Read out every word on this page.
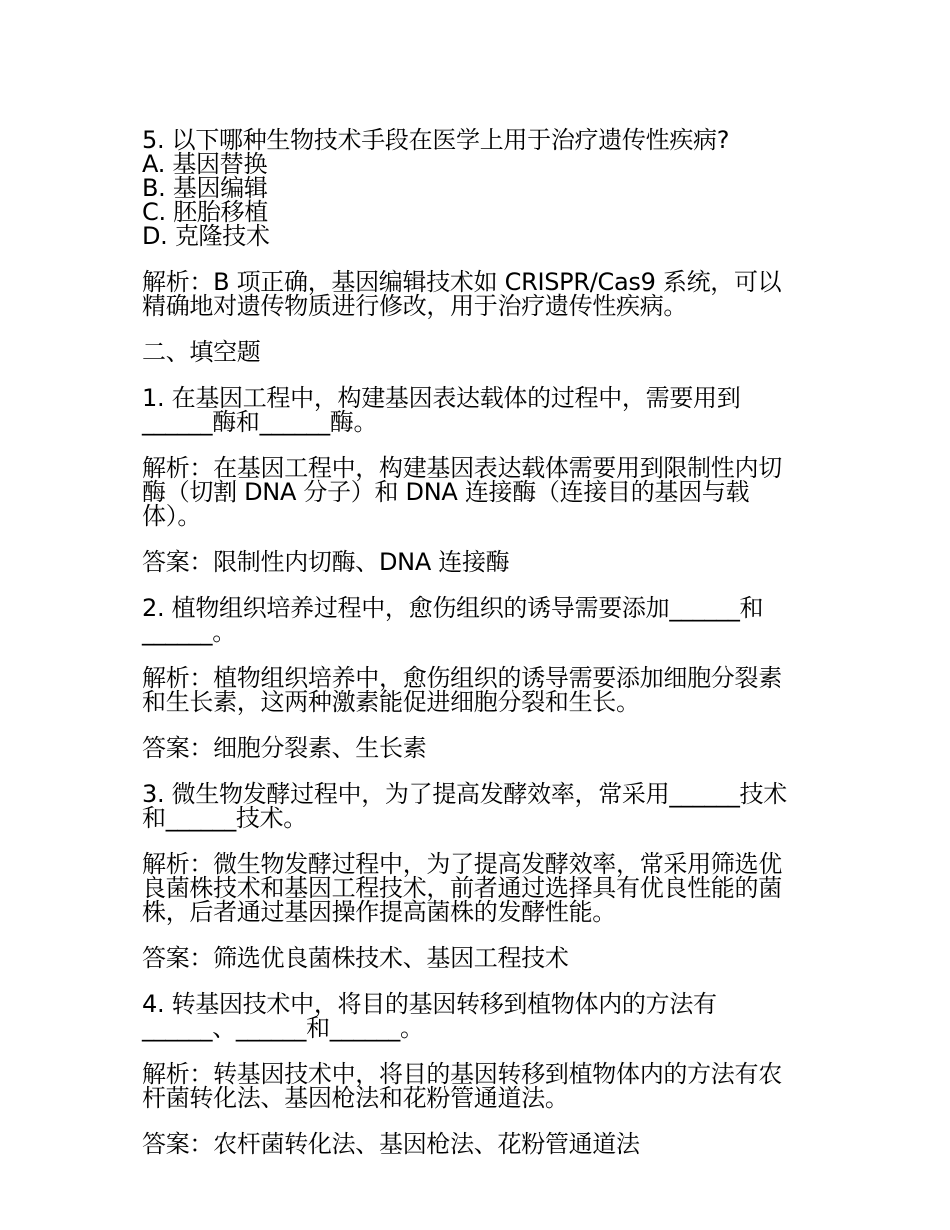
5. 以下哪种生物技术手段在医学上用于治疗遗传性疾病?
A. 基因替换
B. 基因编辑
C. 胚胎移植
D. 克隆技术
解析：B 项正确，基因编辑技术如 CRISPR/Cas9 系统，可以
精确地对遗传物质进行修改，用于治疗遗传性疾病。
二、填空题
1. 在基因工程中，构建基因表达载体的过程中，需要用到
______酶和______酶。
解析：在基因工程中，构建基因表达载体需要用到限制性内切
酶（切割 DNA 分子）和 DNA 连接酶（连接目的基因与载
体）。
答案：限制性内切酶、DNA 连接酶
2. 植物组织培养过程中，愈伤组织的诱导需要添加______和
______。
解析：植物组织培养中，愈伤组织的诱导需要添加细胞分裂素
和生长素，这两种激素能促进细胞分裂和生长。
答案：细胞分裂素、生长素
3. 微生物发酵过程中，为了提高发酵效率，常采用______技术
和______技术。
解析：微生物发酵过程中，为了提高发酵效率，常采用筛选优
良菌株技术和基因工程技术，前者通过选择具有优良性能的菌
株，后者通过基因操作提高菌株的发酵性能。
答案：筛选优良菌株技术、基因工程技术
4. 转基因技术中，将目的基因转移到植物体内的方法有
______、______和______。
解析：转基因技术中，将目的基因转移到植物体内的方法有农
杆菌转化法、基因枪法和花粉管通道法。
答案：农杆菌转化法、基因枪法、花粉管通道法
